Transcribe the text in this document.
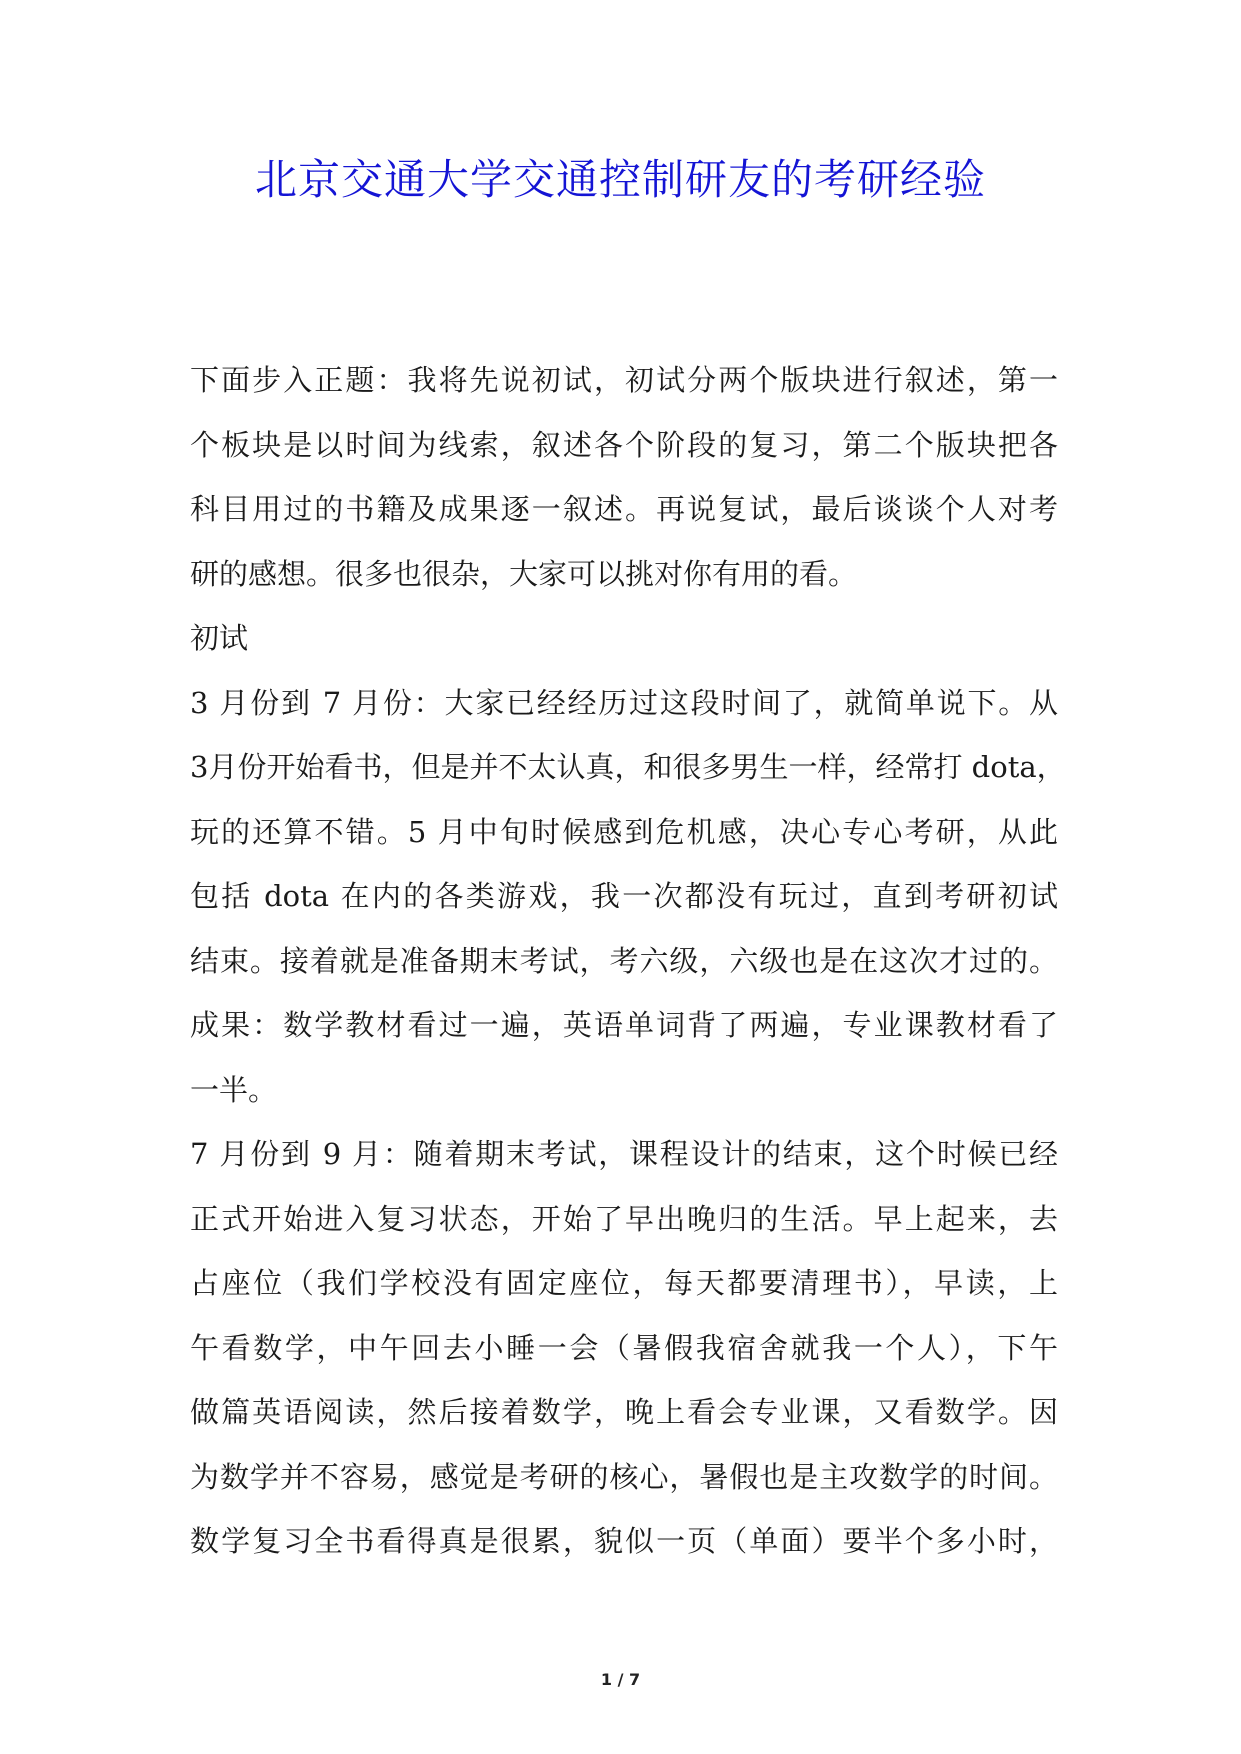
北京交通大学交通控制研友的考研经验
下面步入正题：我将先说初试，初试分两个版块进行叙述，第一
个板块是以时间为线索，叙述各个阶段的复习，第二个版块把各
科目用过的书籍及成果逐一叙述。再说复试，最后谈谈个人对考
研的感想。很多也很杂，大家可以挑对你有用的看。
初试
3 月份到 7 月份：大家已经经历过这段时间了，就简单说下。从
3月份开始看书，但是并不太认真，和很多男生一样，经常打 dota，
玩的还算不错。5 月中旬时候感到危机感，决心专心考研，从此
包括 dota 在内的各类游戏，我一次都没有玩过，直到考研初试
结束。接着就是准备期末考试，考六级，六级也是在这次才过的。
成果：数学教材看过一遍，英语单词背了两遍，专业课教材看了
一半。
7 月份到 9 月：随着期末考试，课程设计的结束，这个时候已经
正式开始进入复习状态，开始了早出晚归的生活。早上起来，去
占座位（我们学校没有固定座位，每天都要清理书），早读，上
午看数学，中午回去小睡一会（暑假我宿舍就我一个人），下午
做篇英语阅读，然后接着数学，晚上看会专业课，又看数学。因
为数学并不容易，感觉是考研的核心，暑假也是主攻数学的时间。
数学复习全书看得真是很累，貌似一页（单面）要半个多小时，
1 / 7
